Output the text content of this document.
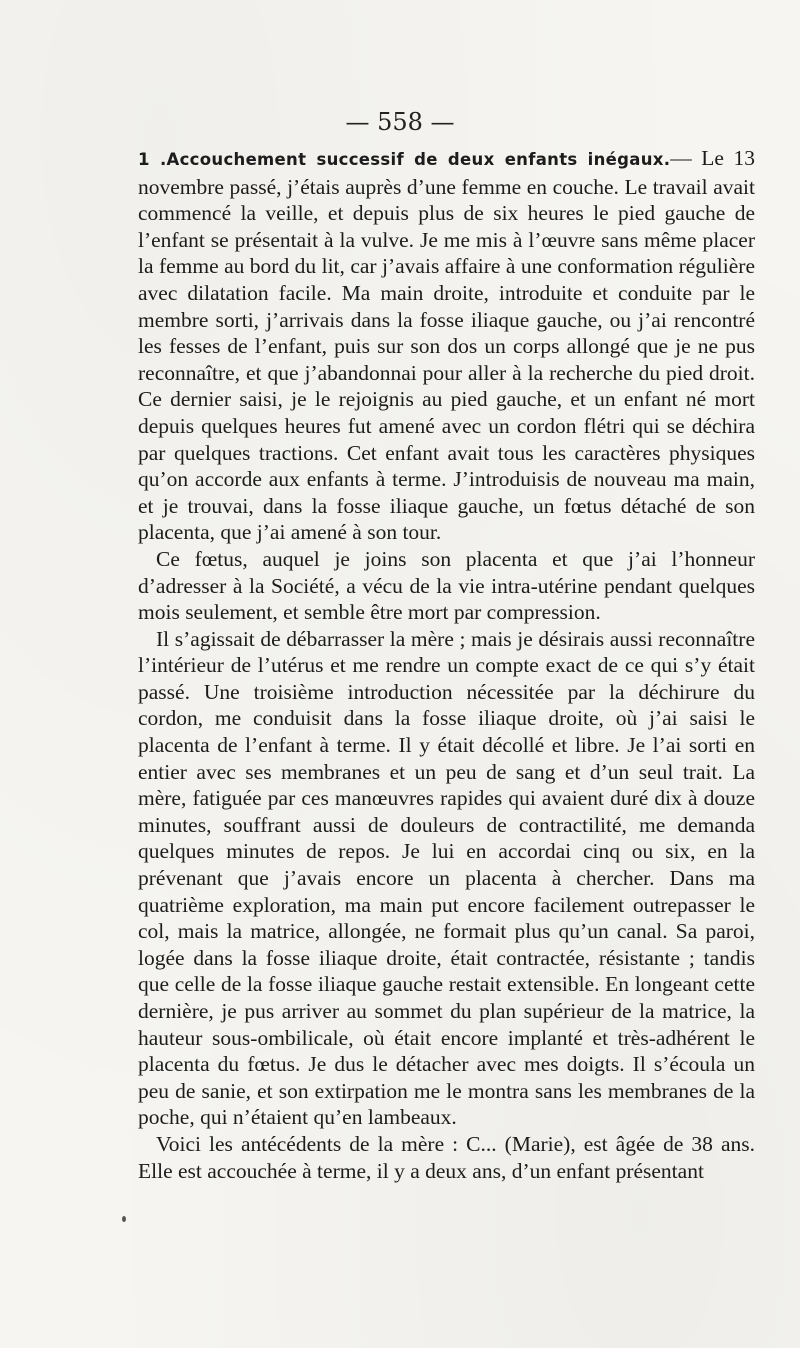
— 558 —

1 .Accouchement successif de deux enfants inégaux.— Le 13 novembre passé, j’étais auprès d’une femme en couche. Le travail avait commencé la veille, et depuis plus de six heures le pied gauche de l’enfant se présentait à la vulve. Je me mis à l’œuvre sans même placer la femme au bord du lit, car j’avais affaire à une conformation régulière avec dilatation facile. Ma main droite, introduite et conduite par le membre sorti, j’arrivais dans la fosse iliaque gauche, ou j’ai rencontré les fesses de l’enfant, puis sur son dos un corps allongé que je ne pus reconnaître, et que j’abandonnai pour aller à la recherche du pied droit. Ce dernier saisi, je le rejoignis au pied gauche, et un enfant né mort depuis quelques heures fut amené avec un cordon flétri qui se déchira par quelques tractions. Cet enfant avait tous les caractères physiques qu’on accorde aux enfants à terme. J’introduisis de nouveau ma main, et je trouvai, dans la fosse iliaque gauche, un fœtus détaché de son placenta, que j’ai amené à son tour.

Ce fœtus, auquel je joins son placenta et que j’ai l’honneur d’adresser à la Société, a vécu de la vie intra-utérine pendant quelques mois seulement, et semble être mort par compression.

Il s’agissait de débarrasser la mère ; mais je désirais aussi reconnaître l’intérieur de l’utérus et me rendre un compte exact de ce qui s’y était passé. Une troisième introduction nécessitée par la déchirure du cordon, me conduisit dans la fosse iliaque droite, où j’ai saisi le placenta de l’enfant à terme. Il y était décollé et libre. Je l’ai sorti en entier avec ses membranes et un peu de sang et d’un seul trait. La mère, fatiguée par ces manœuvres rapides qui avaient duré dix à douze minutes, souffrant aussi de douleurs de contractilité, me demanda quelques minutes de repos. Je lui en accordai cinq ou six, en la prévenant que j’avais encore un placenta à chercher. Dans ma quatrième exploration, ma main put encore facilement outrepasser le col, mais la matrice, allongée, ne formait plus qu’un canal. Sa paroi, logée dans la fosse iliaque droite, était contractée, résistante ; tandis que celle de la fosse iliaque gauche restait extensible. En longeant cette dernière, je pus arriver au sommet du plan supérieur de la matrice, la hauteur sous-ombilicale, où était encore implanté et très-adhérent le placenta du fœtus. Je dus le détacher avec mes doigts. Il s’écoula un peu de sanie, et son extirpation me le montra sans les membranes de la poche, qui n’étaient qu’en lambeaux.

Voici les antécédents de la mère : C... (Marie), est âgée de 38 ans. Elle est accouchée à terme, il y a deux ans, d’un enfant présentant
